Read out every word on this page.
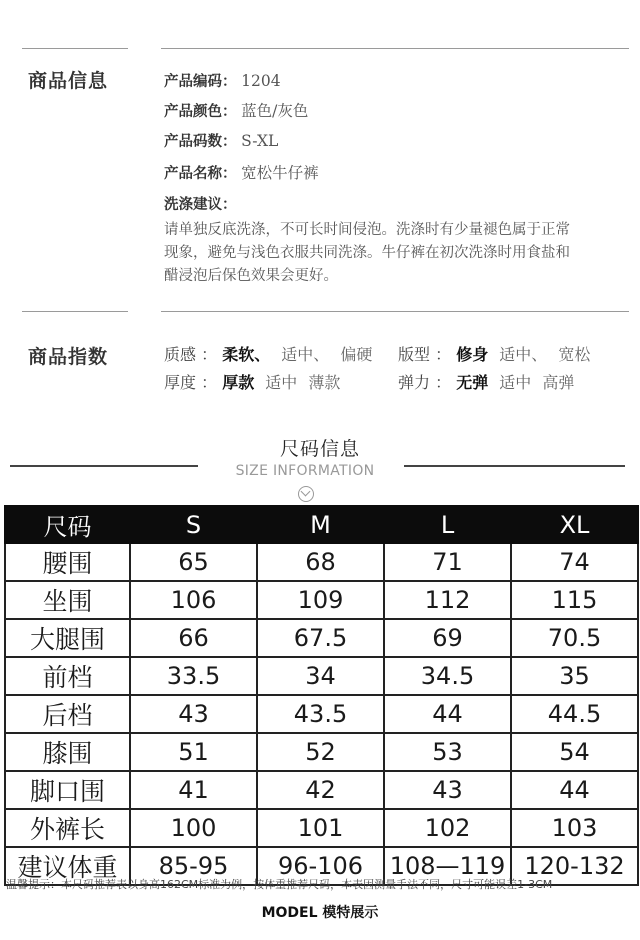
商品信息	产品编码： 1204
产品颜色： 蓝色/灰色
产品码数： S-XL
产品名称： 宽松牛仔裤
洗涤建议：
请单独反底洗涤，不可长时间侵泡。洗涤时有少量褪色属于正常
现象，避免与浅色衣服共同洗涤。牛仔裤在初次洗涤时用食盐和
醋浸泡后保色效果会更好。
商品指数	质感 ： 柔软、 适中、 偏硬 版型 ： 修身 适中、 宽松
厚度 ： 厚款 适中 薄款	弹力 ： 无弹 适中 高弹
尺码信息
SIZE INFORMATION
尺码	S	M	L	XL
腰围	65	68	71	74
坐围	106	109	112	115
大腿围	66	67.5	69	70.5
前档	33.5	34	34.5	35
后档	43	43.5	44	44.5
膝围	51	52	53	54
脚口围	41	42	43	44
外裤长	100	101	102	103
建议体重	85-95	96-106	108—119	120-132
温馨提示：本尺码推荐表以身高162CM标准为例，按体重推荐尺码，本表因测量手法不同，尺寸可能误差1-3CM
MODEL 模特展示
